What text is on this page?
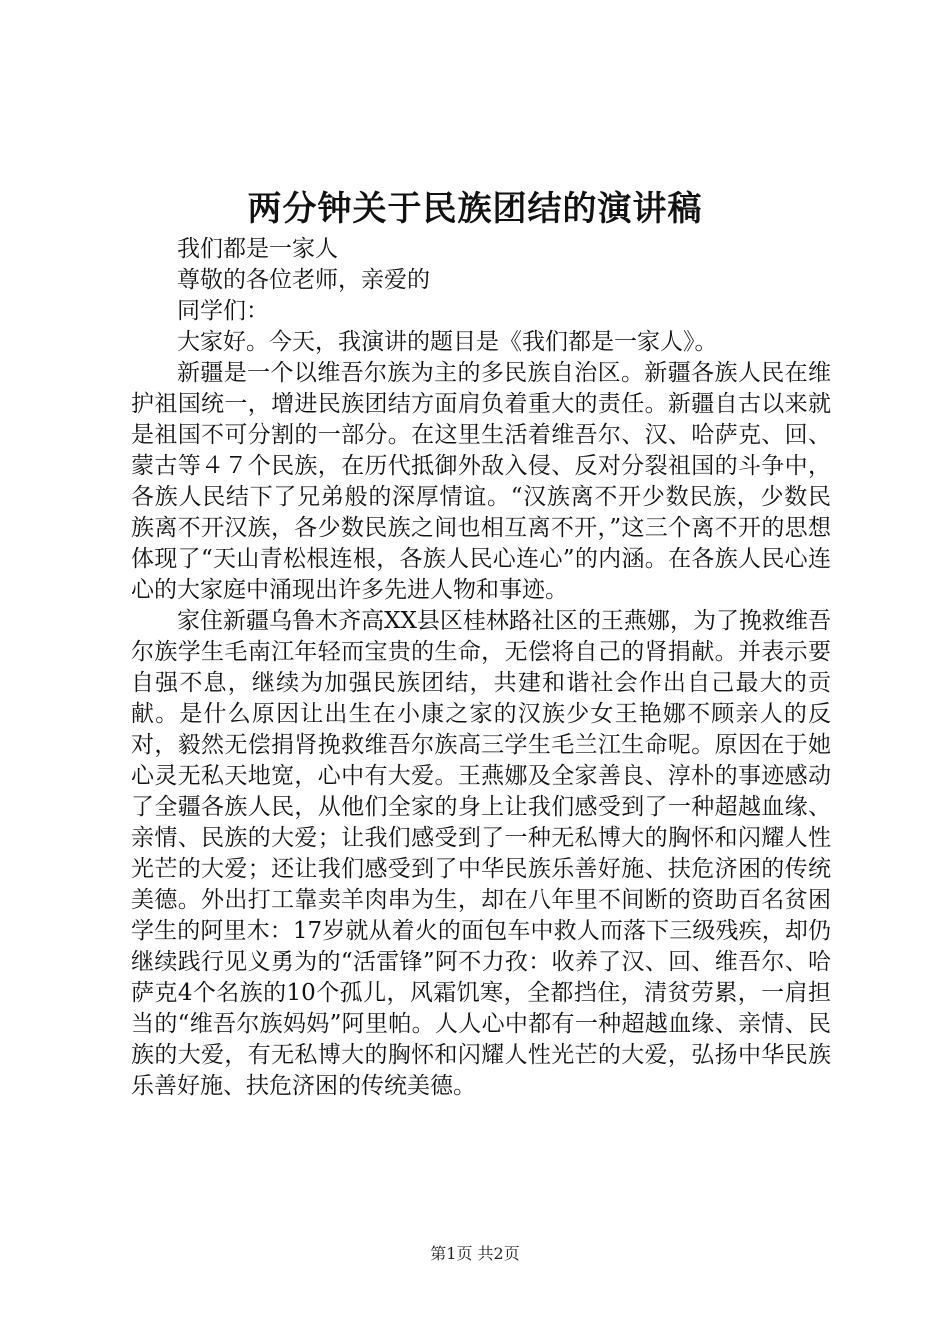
两分钟关于民族团结的演讲稿

我们都是一家人

尊敬的各位老师，亲爱的

同学们：

大家好。今天，我演讲的题目是《我们都是一家人》。

新疆是一个以维吾尔族为主的多民族自治区。新疆各族人民在维护祖国统一，增进民族团结方面肩负着重大的责任。新疆自古以来就是祖国不可分割的一部分。在这里生活着维吾尔、汉、哈萨克、回、蒙古等４７个民族，在历代抵御外敌入侵、反对分裂祖国的斗争中，各族人民结下了兄弟般的深厚情谊。“汉族离不开少数民族，少数民族离不开汉族，各少数民族之间也相互离不开，”这三个离不开的思想体现了“天山青松根连根，各族人民心连心”的内涵。在各族人民心连心的大家庭中涌现出许多先进人物和事迹。

家住新疆乌鲁木齐高XX县区桂林路社区的王燕娜，为了挽救维吾尔族学生毛南江年轻而宝贵的生命，无偿将自己的肾捐献。并表示要自强不息，继续为加强民族团结，共建和谐社会作出自己最大的贡献。是什么原因让出生在小康之家的汉族少女王艳娜不顾亲人的反对，毅然无偿捐肾挽救维吾尔族高三学生毛兰江生命呢。原因在于她心灵无私天地宽，心中有大爱。王燕娜及全家善良、淳朴的事迹感动了全疆各族人民，从他们全家的身上让我们感受到了一种超越血缘、亲情、民族的大爱；让我们感受到了一种无私博大的胸怀和闪耀人性光芒的大爱；还让我们感受到了中华民族乐善好施、扶危济困的传统美德。外出打工靠卖羊肉串为生，却在八年里不间断的资助百名贫困学生的阿里木：17岁就从着火的面包车中救人而落下三级残疾，却仍继续践行见义勇为的“活雷锋”阿不力孜：收养了汉、回、维吾尔、哈萨克4个名族的10个孤儿，风霜饥寒，全都挡住，清贫劳累，一肩担当的“维吾尔族妈妈”阿里帕。人人心中都有一种超越血缘、亲情、民族的大爱，有无私博大的胸怀和闪耀人性光芒的大爱，弘扬中华民族乐善好施、扶危济困的传统美德。

第1页 共2页
